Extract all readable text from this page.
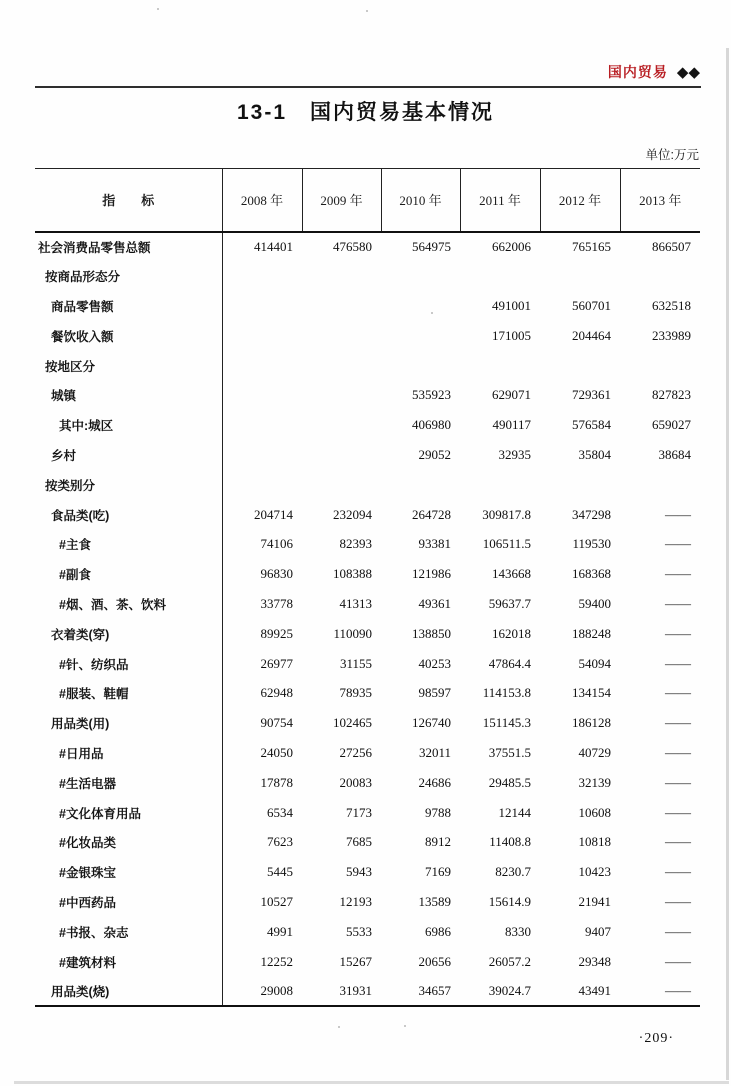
国内贸易 ◆◆
13-1　国内贸易基本情况
单位:万元
指　　标	2008 年	2009 年	2010 年	2011 年	2012 年	2013 年
社会消费品零售总额	414401	476580	564975	662006	765165	866507
按商品形态分						
商品零售额				491001	560701	632518
餐饮收入额				171005	204464	233989
按地区分						
城镇			535923	629071	729361	827823
其中:城区			406980	490117	576584	659027
乡村			29052	32935	35804	38684
按类别分						
食品类(吃)	204714	232094	264728	309817.8	347298	——
#主食	74106	82393	93381	106511.5	119530	——
#副食	96830	108388	121986	143668	168368	——
#烟、酒、茶、饮料	33778	41313	49361	59637.7	59400	——
衣着类(穿)	89925	110090	138850	162018	188248	——
#针、纺织品	26977	31155	40253	47864.4	54094	——
#服装、鞋帽	62948	78935	98597	114153.8	134154	——
用品类(用)	90754	102465	126740	151145.3	186128	——
#日用品	24050	27256	32011	37551.5	40729	——
#生活电器	17878	20083	24686	29485.5	32139	——
#文化体育用品	6534	7173	9788	12144	10608	——
#化妆品类	7623	7685	8912	11408.8	10818	——
#金银珠宝	5445	5943	7169	8230.7	10423	——
#中西药品	10527	12193	13589	15614.9	21941	——
#书报、杂志	4991	5533	6986	8330	9407	——
#建筑材料	12252	15267	20656	26057.2	29348	——
用品类(烧)	29008	31931	34657	39024.7	43491	——
·209·
